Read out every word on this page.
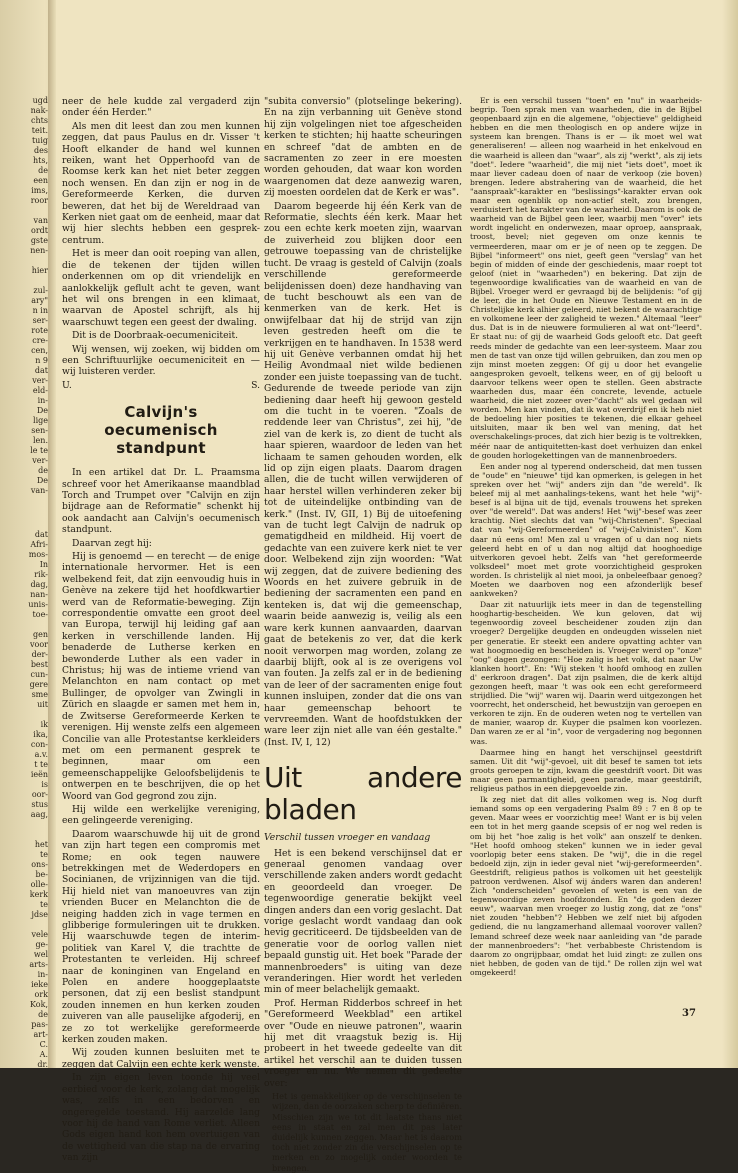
ugd
nak-
chts
teit.
tuig
des
hts,
de
een
ims,
roor

van
ordt
gste
nen-

hier

zul-
ary"
n in
ser-
rote
cre-
cen,
n 9
dat
ver-
eld-
in-
De
lige
sen-
len.
le te
ver-
de
De
van-
dat
Afri-
mos-
In
rik-
dag,
nan-
unis-
toe-

gen
voor
der-
best
cun-
gere
sme
uit

ik
ika,
con-
a.v.
t te
ieën
is
oor-
stus
aag,

het
te
ons-
be-
olle-
kerk
te
jdse

vele
ge-
wel
arts-
in-
ieke
ork
Kok,
de
pas-
art-
C.
A.
dr.

neer de hele kudde zal vergaderd zijn onder één Herder."

Als men dit leest dan zou men kunnen zeggen, dat paus Paulus en dr. Visser 't Hooft elkander de hand wel kunnen reiken, want het Opperhoofd van de Roomse kerk kan het niet beter zeggen noch wensen. En dan zijn er nog in de Gereformeerde Kerken, die durven beweren, dat het bij de Wereldraad van Kerken niet gaat om de eenheid, maar dat wij hier slechts hebben een gesprek-centrum.

Het is meer dan ooit roeping van allen, die de tekenen der tijden willen onderkennen om op dit vriendelijk en aanlokkelijk geflult acht te geven, want het wil ons brengen in een klimaat, waarvan de Apostel schrijft, als hij waarschuwt tegen een geest der dwaling.

Dit is de Doorbraak-oecumeniciteit.

Wij wensen, wij zoeken, wij bidden om een Schriftuurlijke oecumeniciteit en — wij luisteren verder.

U.	S.

Calvijn's
oecumenisch standpunt

In een artikel dat Dr. L. Praamsma schreef voor het Amerikaanse maandblad Torch and Trumpet over "Calvijn en zijn bijdrage aan de Reformatie" schenkt hij ook aandacht aan Calvijn's oecumenisch standpunt.

Daarvan zegt hij:

Hij is genoemd — en terecht — de enige internationale hervormer. Het is een welbekend feit, dat zijn eenvoudig huis in Genève na zekere tijd het hoofdkwartier werd van de Reformatie-beweging. Zijn correspondentie omvatte een groot deel van Europa, terwijl hij leiding gaf aan kerken in verschillende landen. Hij benaderde de Lutherse kerken en bewonderde Luther als een vader in Christus; hij was de intieme vriend van Melanchton en nam contact op met Bullinger, de opvolger van Zwingli in Zürich en slaagde er samen met hem in, de Zwitserse Gereformeerde Kerken te verenigen. Hij wenste zelfs een algemeen Concilie van alle Protestantse kerkleiders met om een permanent gesprek te beginnen, maar om een gemeenschappelijke Geloofsbelijdenis te ontwerpen en te beschrijven, die op het Woord van God gegrond zou zijn.

Hij wilde een werkelijke vereniging, een gelingeerde vereniging.

Daarom waarschuwde hij uit de grond van zijn hart tegen een compromis met Rome; en ook tegen nauwere betrekkingen met de Wederdopers en Socinianen, de vrijzinnigen van die tijd. Hij hield niet van manoeuvres van zijn vrienden Bucer en Melanchton die de neiging hadden zich in vage termen en glibberige formuleringen uit te drukken. Hij waarschuwde tegen de interim-politiek van Karel V, die trachtte de Protestanten te verleiden. Hij schreef naar de koninginen van Engeland en Polen en andere hooggeplaatste personen, dat zij een beslist standpunt zouden innemen en hun kerken zouden zuiveren van alle pauselijke afgoderij, en ze zo tot werkelijke gereformeerde kerken zouden maken.

Wij zouden kunnen besluiten met te zeggen dat Calvijn een echte kerk wenste.

In zijn eigen leven toonde hij veel eerbied voor de kerk, zolang dat mogelijk was, zelfs in een bedorven en ongeregelde toestand. Hij aarzelde lang voor hij de hand van Rome verliet. Alleen Gods eigen hand kon hem overtuigen van de wettigheid van die stap na de ervaring van zijn

"subita conversio" (plotselinge bekering). En na zijn verbanning uit Genève stond hij zijn volgelingen niet toe afgescheiden kerken te stichten; hij haatte scheuringen en schreef "dat de ambten en de sacramenten zo zeer in ere moesten worden gehouden, dat waar kon worden waargenomen dat deze aanwezig waren, zij moesten oordelen dat de Kerk er was".

Daarom begeerde hij één Kerk van de Reformatie, slechts één kerk. Maar het zou een echte kerk moeten zijn, waarvan de zuiverheid zou blijken door een getrouwe toepassing van de christelijke tucht. De vraag is gesteld of Calvijn (zoals verschillende gereformeerde belijdenissen doen) deze handhaving van de tucht beschouwt als een van de kenmerken van de kerk. Het is onwijfelbaar dat hij de strijd van zijn leven gestreden heeft om die te verkrijgen en te handhaven. In 1538 werd hij uit Genève verbannen omdat hij het Heilig Avondmaal niet wilde bedienen zonder een juiste toepassing van de tucht. Gedurende de tweede periode van zijn bediening daar heeft hij gewoon gesteld om die tucht in te voeren. "Zoals de reddende leer van Christus", zei hij, "de ziel van de kerk is, zo dient de tucht als haar spieren, waardoor de leden van het lichaam te samen gehouden worden, elk lid op zijn eigen plaats. Daarom dragen allen, die de tucht willen verwijderen of haar herstel willen verhinderen zeker bij tot de uiteindelijke ontbinding van de kerk." (Inst. IV, GII, 1) Bij de uitoefening van de tucht legt Calvijn de nadruk op gematigdheid en mildheid. Hij voert de gedachte van een zuivere kerk niet te ver door. Welbekend zijn zijn woorden: "Wat wij zeggen, dat de zuivere bediening des Woords en het zuivere gebruik in de bediening der sacramenten een pand en kenteken is, dat wij die gemeenschap, waarin beide aanwezig is, veilig als een ware kerk kunnen aanvaarden, daarvan gaat de betekenis zo ver, dat die kerk nooit verworpen mag worden, zolang ze daarbij blijft, ook al is ze overigens vol van fouten. Ja zelfs zal er in de bediening van de leer of der sacramenten enige fout kunnen insluipen, zonder dat die ons van haar gemeenschap behoort te vervreemden. Want de hoofdstukken der ware leer zijn niet alle van één gestalte." (Inst. IV, I, 12)

Uit andere bladen

Verschil tussen vroeger en vandaag

Het is een bekend verschijnsel dat er generaal genomen vandaag over verschillende zaken anders wordt gedacht en geoordeeld dan vroeger. De tegenwoordige generatie bekijkt veel dingen anders dan een vorig geslacht. Dat vorige geslacht wordt vandaag dan ook hevig gecriticeerd. De tijdsbeelden van de generatie voor de oorlog vallen niet bepaald gunstig uit. Het boek "Parade der mannenbroeders" is uiting van deze veranderingen. Hier wordt het verleden min of meer belachelijk gemaakt.

Prof. Herman Ridderbos schreef in het "Gereformeerd Weekblad" een artikel over "Oude en nieuwe patronen", waarin hij met dit vraagstuk bezig is. Hij probeert in het tweede gedeelte van dit artikel het verschil aan te duiden tussen vroeger en nu. We nemen dit gedeelte over:

Het is gemakkelijker op de verschijnselen te wijzen, dan de oorzaken scherp te definiëren. Misschien zijn we tot dit laatste thans niet eens in staat en zal men dit pas later duidelijk kunnen zeggen. Maar het is daarom toch niet zonder zin die verschijnselen op te merken en zo mogelijk onder woorden te brengen.

Er is een verschil tussen "toen" en "nu" in waarheids-begrip. Toen sprak men van waarheden, die in de Bijbel geopenbaard zijn en die algemene, "objectieve" geldigheid hebben en die men theologisch en op andere wijze in systeem kan brengen. Thans is er — ik moet wel wat generaliseren! — alleen nog waarheid in het enkelvoud en die waarheid is alleen dan "waar", als zij "werkt", als zij iets "doet". Iedere "waarheid", die mij niet "iets doet", moet ik maar liever cadeau doen of naar de verkoop (zie boven) brengen. Iedere abstrahering van de waarheid, die het "aanspraak"-karakter en "beslissings"-karakter ervan ook maar een ogenblik op non-actief stelt, zou brengen, verduistert het karakter van de waarheid. Daarom is ook de waarheid van de Bijbel geen leer, waarbij men "over" iets wordt ingelicht en onderwezen, maar oproep, aanspraak, troost, bevel; niet gegeven om onze kennis te vermeerderen, maar om er je of neen op te zeggen. De Bijbel "informeert" ons niet, geeft geen "verslag" van het begin of midden of einde der geschiedenis, maar roept tot geloof (niet in "waarheden") en bekering. Dat zijn de tegenwoordige kwalificaties van de waarheid en van de Bijbel. Vroeger werd er gevraagd bij de belijdenis: "of gij de leer, die in het Oude en Nieuwe Testament en in de Christelijke kerk alhier geleerd, niet bekent de waarachtige en volkomene leer der zaligheid te wezen." Altemaal "leer" dus. Dat is in de nieuwere formulieren al wat ont-"leerd". Er staat nu: of gij de waarheid Gods gelooft etc. Dat geeft reeds minder de gedachte van een leer-systeem. Maar zou men de tast van onze tijd willen gebruiken, dan zou men op zijn minst moeten zeggen: Of gij u door het evangelie aangesproken gevoelt, telkens weer, en of gij belooft u daarvoor telkens weer open te stellen. Geen abstracte waarheden dus, maar één concrete, levende, actuele waarheid, die niet zozeer over-"dacht" als wel gedaan wil worden. Men kan vinden, dat ik wat overdrijf en ik heb niet de bedoeling hier posities te tekenen, die elkaar geheel uitsluiten, maar ik ben wel van mening, dat het overschakelings-proces, dat zich hier bezig is te voltrekken, méér naar de antiquitetten-kast doet verhuizen dan enkel de gouden horlogekettingen van de mannenbroeders.

Een ander nog al typerend onderscheid, dat men tussen de "oude" en "nieuwe" tijd kan opmerken, is gelegen in het spreken over het "wij" anders zijn dan "de wereld". Ik beleef mij al met aanhalings-tekens, want het hele "wij"-besef is al bijna uit de tijd, evenals trouwens het spreken over "de wereld". Dat was anders! Het "wij"-besef was zeer krachtig. Niet slechts dat van "wij-Christenen". Speciaal dat van "wij-Gereformeerden" of "wij-Calvinisten". Kom daar nú eens om! Men zal u vragen of u dan nog niets geleerd hebt en of u dan nog altijd dat hooghoedige uitverkoren gevoel hebt. Zelfs van "het gereformeerde volksdeel" moet met grote voorzichtigheid gesproken worden. Is christelijk al niet mooi, ja onbeleefbaar genoeg? Moeten we daarboven nog een afzonderlijk besef aankweken?

Daar zit natuurlijk iets meer in dan de tegenstelling hooghartig-bescheiden. We kun geloven, dat wij tegenwoordig zoveel bescheidener zouden zijn dan vroeger? Dergelijke deugden en ondeugden wisselen niet per generatie. Er steekt een andere opvatting achter van wat hoogmoedig en bescheiden is. Vroeger werd op "onze" "oog" dagen gezongen: "Hoe zalig is het volk, dat naar Uw klanken hoort". En: "Wij steken 't hoofd omhoog en zullen d' eerkroon dragen". Dat zijn psalmen, die de kerk altijd gezongen heeft, maar 't was ook een echt gereformeerd strijdlied. Die "wij" waren wij. Daarin werd uitgezongen het voorrecht, het onderscheid, het bewustzijn van geroepen en verkoren te zijn. En de ouderen weten nog te vertellen van de manier, waarop dr. Kuyper die psalmen kon voorlezen. Dan waren ze er al "in", voor de vergadering nog begonnen was.

Daarmee hing en hangt het verschijnsel geestdrift samen. Uit dit "wij"-gevoel, uit dit besef te samen tot iets groots geroepen te zijn, kwam die geestdrift voort. Dit was maar geen parmantigheid, geen parade, maar geestdrift, religieus pathos in een diepgevoelde zin.

Ik zeg niet dat dit alles volkomen weg is. Nog durft iemand soms op een vergadering Psalm 89 : 7 en 8 op te geven. Maar wees er voorzichtig mee! Want er is bij velen een tot in het merg gaande scepsis of er nog wel reden is om bij het "hoe zalig is het volk" aan onszelf te denken. "Het hoofd omhoog steken" kunnen we in ieder geval voorlopig beter eens staken. De "wij", die in die regel bedoeld zijn, zijn in ieder geval niet "wij-gereformeerden". Geestdrift, religieus pathos is volkomen uit het geestelijk patroon verdwenen. Alsof wij ánders waren dan anderen! Zich "onderscheiden" gevoelen of weten is een van de tegenwoordige zeven hoofdzonden. En "de goden dezer eeuw", waarvan men vroeger zo lustig zong, dat ze "ons" niet zouden "hebben"? Hebben we zelf niet bij afgoden gediend, die nu langzamerhand allemaal voorover vallen? Iemand schreef deze week naar aanleiding van "de parade der mannenbroeders": "het verbabbeste Christendom is daarom zo ongrijpbaar, omdat het luid zingt: ze zullen ons niet hebben, de goden van de tijd." De rollen zijn wel wat omgekeerd!

37
